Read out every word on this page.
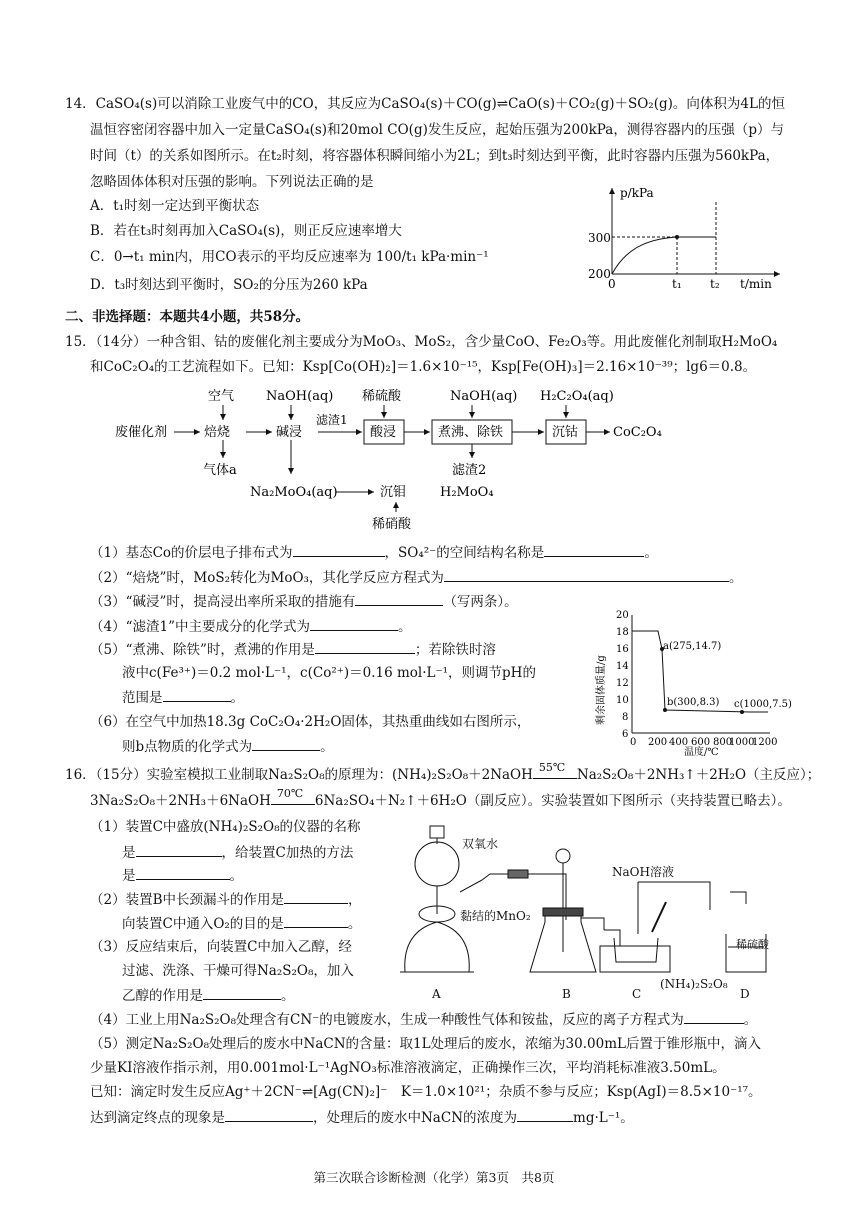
14．CaSO₄(s)可以消除工业废气中的CO，其反应为CaSO₄(s)＋CO(g)⇌CaO(s)＋CO₂(g)＋SO₂(g)。向体积为4L的恒
温恒容密闭容器中加入一定量CaSO₄(s)和20mol CO(g)发生反应，起始压强为200kPa，测得容器内的压强（p）与
时间（t）的关系如图所示。在t₂时刻，将容器体积瞬间缩小为2L；到t₃时刻达到平衡，此时容器内压强为560kPa，
忽略固体体积对压强的影响。下列说法正确的是
A．t₁时刻一定达到平衡状态
B．若在t₃时刻再加入CaSO₄(s)，则正反应速率增大
C．0→t₁ min内，用CO表示的平均反应速率为 100/t₁ kPa·min⁻¹
D．t₃时刻达到平衡时，SO₂的分压为260 kPa
p/kPa
t/min
0
300
200
t₁ t₂
二、非选择题：本题共4小题，共58分。
15．（14分）一种含钼、钴的废催化剂主要成分为MoO₃、MoS₂，含少量CoO、Fe₂O₃等。用此废催化剂制取H₂MoO₄
和CoC₂O₄的工艺流程如下。已知：Ksp[Co(OH)₂]＝1.6×10⁻¹⁵，Ksp[Fe(OH)₃]＝2.16×10⁻³⁹；lg6＝0.8。
废催化剂	焙烧
空气
气体a
碱浸
NaOH(aq)
滤渣1
酸浸
稀硫酸
煮沸、除铁
NaOH(aq)
滤渣2
沉钴
H₂C₂O₄(aq)
CoC₂O₄
Na₂MoO₄(aq)	沉钼	H₂MoO₄
稀硝酸
（1）基态Co的价层电子排布式为	，SO₄²⁻的空间结构名称是	。
（2）“焙烧”时，MoS₂转化为MoO₃，其化学反应方程式为	。
（3）“碱浸”时，提高浸出率所采取的措施有	（写两条）。
（4）“滤渣1”中主要成分的化学式为	。
（5）“煮沸、除铁”时，煮沸的作用是	；若除铁时溶
液中c(Fe³⁺)＝0.2 mol·L⁻¹，c(Co²⁺)＝0.16 mol·L⁻¹，则调节pH的
范围是	。
（6）在空气中加热18.3g CoC₂O₄·2H₂O固体，其热重曲线如右图所示，
则b点物质的化学式为	。
剩余固体质量/g
20
18
16
14
12
10
8
6
0 200 400 600 800
1000
1200
温度/℃
a(275,14.7)
b(300,8.3) c(1000,7.5)
16．（15分）实验室模拟工业制取Na₂S₂O₈的原理为：(NH₄)₂S₂O₈＋2NaOH 55℃ Na₂S₂O₈＋2NH₃↑＋2H₂O（主反应）；
3Na₂S₂O₈＋2NH₃＋6NaOH 70℃ 6Na₂SO₄＋N₂↑＋6H₂O（副反应）。实验装置如下图所示（夹持装置已略去）。
（1）装置C中盛放(NH₄)₂S₂O₈的仪器的名称
是	，给装置C加热的方法
是	。
（2）装置B中长颈漏斗的作用是	，
向装置C中通入O₂的目的是	。
（3）反应结束后，向装置C中加入乙醇，经
过滤、洗涤、干燥可得Na₂S₂O₈，加入
乙醇的作用是	。
双氧水
黏结的MnO₂
NaOH溶液
(NH₄)₂S₂O₈
稀硫酸
A	B	C	D
（4）工业上用Na₂S₂O₈处理含有CN⁻的电镀废水，生成一种酸性气体和铵盐，反应的离子方程式为	。
（5）测定Na₂S₂O₈处理后的废水中NaCN的含量：取1L处理后的废水，浓缩为30.00mL后置于锥形瓶中，滴入
少量KI溶液作指示剂，用0.001mol·L⁻¹AgNO₃标准溶液滴定，正确操作三次，平均消耗标准液3.50mL。
已知：滴定时发生反应Ag⁺＋2CN⁻⇌[Ag(CN)₂]⁻　K＝1.0×10²¹；杂质不参与反应；Ksp(AgI)＝8.5×10⁻¹⁷。
达到滴定终点的现象是	，处理后的废水中NaCN的浓度为	mg·L⁻¹。
第三次联合诊断检测（化学）第3页　共8页
